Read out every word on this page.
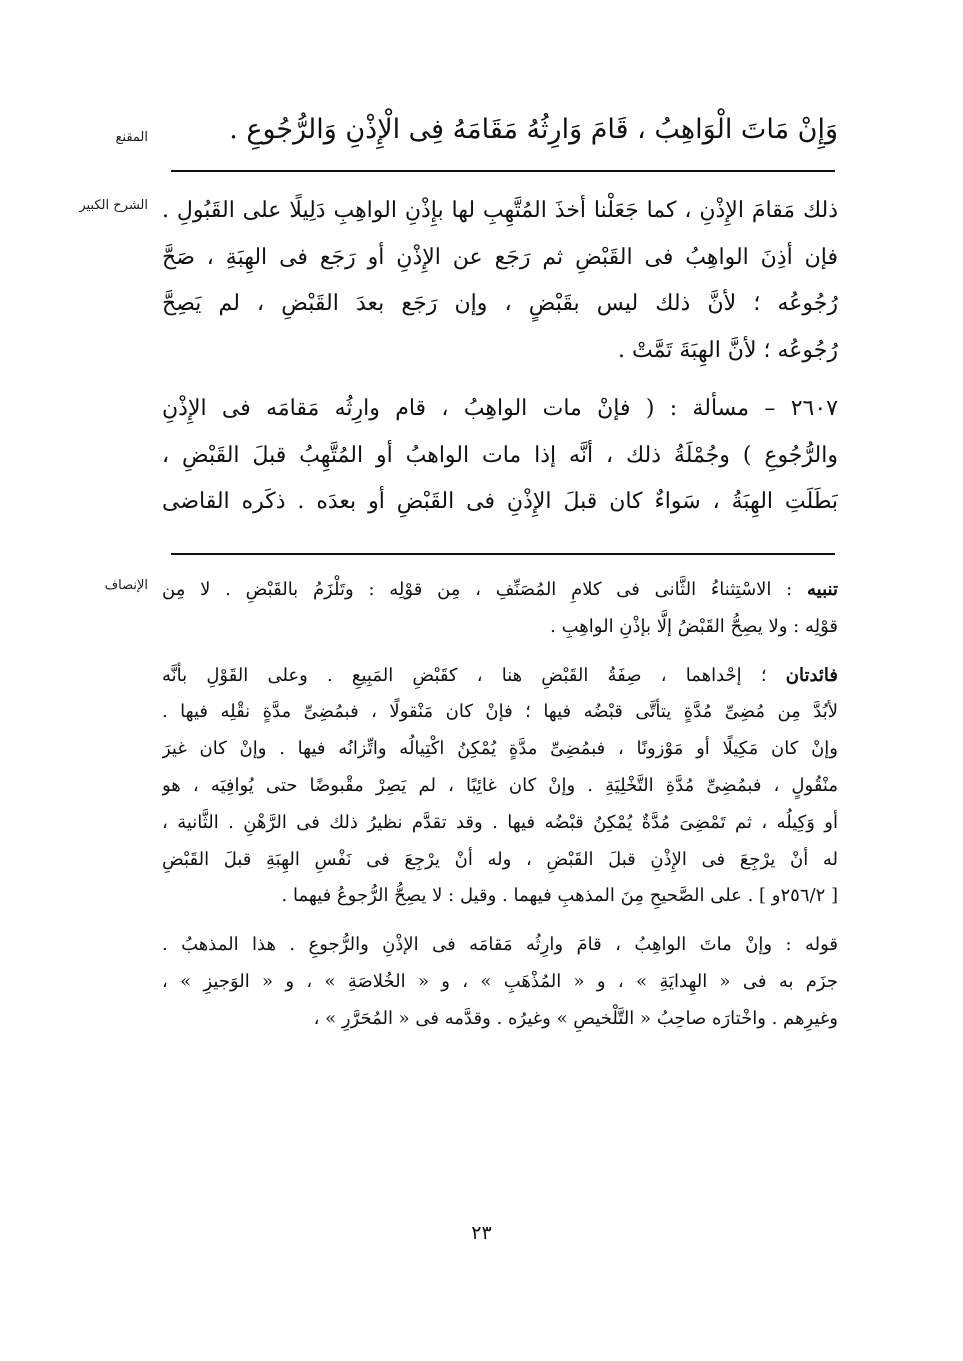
المقنع
الشرح الكبير
الإنصاف
وَإِنْ مَاتَ الْوَاهِبُ ، قَامَ وَارِثُهُ مَقَامَهُ فِى الْإِذْنِ وَالرُّجُوعِ .
ذلك مَقامَ الإِذْنِ ، كما جَعَلْنا أخذَ المُتَّهِبِ لها بإِذْنِ الواهِبِ دَلِيلًا على القَبُولِ .
فإن أذِنَ الواهِبُ فى القَبْضِ ثم رَجَع عن الإِذْنِ أو رَجَع فى الهِبَةِ ، صَحَّ
رُجُوعُه ؛ لأنَّ ذلك ليس بقَبْضٍ ، وإن رَجَع بعدَ القَبْضِ ، لم يَصِحَّ
رُجُوعُه ؛ لأنَّ الهِبَةَ تَمَّتْ .
٢٦٠٧ – مسألة : ( فإنْ مات الواهِبُ ، قام وارِثُه مَقامَه فى الإِذْنِ
والرُّجُوعِ ) وجُمْلَةُ ذلك ، أنَّه إذا مات الواهبُ أو المُتَّهِبُ قبلَ القَبْضِ ،
بَطَلَتِ الهِبَةُ ، سَواءٌ كان قبلَ الإِذْنِ فى القَبْضِ أو بعدَه . ذكَره القاضى
تنبيه : الاسْتِثناءُ الثَّانى فى كلامِ المُصَنِّفِ ، مِن قوْلِه : وتَلْزَمُ بالقَبْضِ . لا مِن
قوْلِه : ولا يصِحُّ القَبْضُ إلَّا بإذْنِ الواهِبِ .
فائدتان ؛ إحْداهما ، صِفَةُ القَبْضِ هنا ، كقَبْضِ المَبِيعِ . وعلى القَوْلِ بأنَّه
لأبُدَّ مِن مُضِىِّ مُدَّةٍ يتأتَّى قبْضُه فيها ؛ فإنْ كان مَنْقولًا ، فبمُضِىِّ مدَّةٍ نقْلِه فيها .
وإنْ كان مَكِيلًا أو مَوْزونًا ، فبمُضِىِّ مدَّةٍ يُمْكِنُ اكْتِيالُه واتِّزانُه فيها . وإنْ كان غيرَ
منْقُولٍ ، فبمُضِىِّ مُدَّةِ التَّخْلِيَةِ . وإنْ كان غائِبًا ، لم يَصِرْ مقْبوضًا حتى يُوافِيَه ، هو
أو وَكِيلُه ، ثم تَمْضِىَ مُدَّةٌ يُمْكِنُ قبْضُه فيها . وقد تقدَّم نظيرُ ذلك فى الرَّهْنِ . الثَّانية ،
له أنْ يرْجِعَ فى الإِذْنِ قبلَ القَبْضِ ، وله أنْ يرْجِعَ فى نَفْسِ الهِبَةِ قبلَ القَبْضِ
[ ٢٥٦/٢و ] . على الصَّحيحِ مِنَ المذهبِ فيهما . وقيل : لا يصِحُّ الرُّجوعُ فيهما .
قوله : وإنْ ماتَ الواهِبُ ، قامَ وارِثُه مَقامَه فى الإذْنِ والرُّجوعِ . هذا المذهبُ .
جزَم به فى « الهِدايَةِ » ، و « المُذْهَبِ » ، و « الخُلاصَةِ » ، و « الوَجيزِ » ،
وغيرِهم . واخْتارَه صاحِبُ « التَّلْخيصِ » وغيرُه . وقدَّمه فى « المُحَرَّرِ » ،
٢٣
